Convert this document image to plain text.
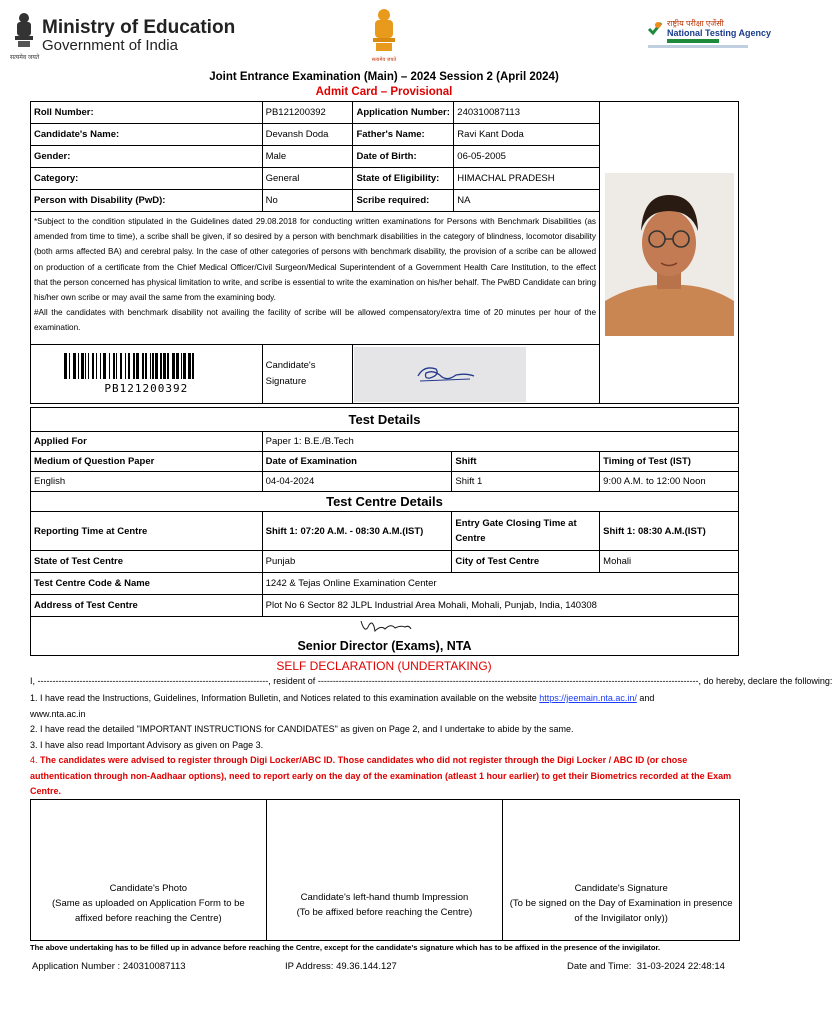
Ministry of Education
Government of India
सत्यमेव जयते	सत्यमेव जयते
राष्ट्रीय परीक्षा एजेंसी
National Testing Agency
Joint Entrance Examination (Main) – 2024 Session 2 (April 2024)
Admit Card – Provisional
Roll Number:	PB121200392	Application Number:	240310087113	

Candidate's Name:	Devansh Doda	Father's Name:	Ravi Kant Doda	
Gender:	Male	Date of Birth:	06-05-2005	
Category:	General	State of Eligibility:	HIMACHAL PRADESH	
Person with Disability (PwD):	No	Scribe required:	NA	

*Subject to the condition stipulated in the Guidelines dated 29.08.2018 for conducting written examinations for Persons with Benchmark Disabilities (as amended from time to time), a scribe shall be given, if so desired by a person with benchmark disabilities in the category of blindness, locomotor disability (both arms affected BA) and cerebral palsy. In the case of other categories of persons with benchmark disability, the provision of a scribe can be allowed on production of a certificate from the Chief Medical Officer/Civil Surgeon/Medical Superintendent of a Government Health Care Institution, to the effect that the person concerned has physical limitation to write, and scribe is essential to write the examination on his/her behalf. The PwBD Candidate can bring his/her own scribe or may avail the same from the examining body.
#All the candidates with benchmark disability not availing the facility of scribe will be allowed compensatory/extra time of 20 minutes per hour of the examination.				

PB121200392	Candidate's Signature	
Test Details			
Applied For	Paper 1: B.E./B.Tech		
Medium of Question Paper	Date of Examination	Shift	Timing of Test (IST)
English	04-04-2024	Shift 1	9:00 A.M. to 12:00 Noon
Test Centre Details			
Reporting Time at Centre	Shift 1: 07:20 A.M. - 08:30 A.M.(IST)	Entry Gate Closing Time at Centre	Shift 1: 08:30 A.M.(IST)
State of Test Centre	Punjab	City of Test Centre	Mohali
Test Centre Code & Name	1242 & Tejas Online Examination Center		
Address of Test Centre	Plot No 6 Sector 82 JLPL Industrial Area Mohali, Mohali, Punjab, India, 140308		

Senior Director (Exams), NTA			
SELF DECLARATION (UNDERTAKING)
I, -----------------------------------------------------------------------------, resident of -------------------------------------------------------------------------------------------------------------------------------, do hereby, declare the following:
1. I have read the Instructions, Guidelines, Information Bulletin, and Notices related to this examination available on the website https://jeemain.nta.ac.in/ and
www.nta.ac.in
2. I have read the detailed "IMPORTANT INSTRUCTIONS for CANDIDATES" as given on Page 2, and I undertake to abide by the same.
3. I have also read Important Advisory as given on Page 3.
4. The candidates were advised to register through Digi Locker/ABC ID. Those candidates who did not register through the Digi Locker / ABC ID (or chose authentication through non-Aadhaar options), need to report early on the day of the examination (atleast 1 hour earlier) to get their Biometrics recorded at the Exam Centre.
Candidate's Photo
(Same as uploaded on Application Form to be affixed before reaching the Centre)

Candidate's left-hand thumb Impression
(To be affixed before reaching the Centre)

Candidate's Signature
(To be signed on the Day of Examination in presence of the Invigilator only))
The above undertaking has to be filled up in advance before reaching the Centre, except for the candidate's signature which has to be affixed in the presence of the invigilator.
Application Number : 240310087113	IP Address: 49.36.144.127	Date and Time: 31-03-2024 22:48:14
